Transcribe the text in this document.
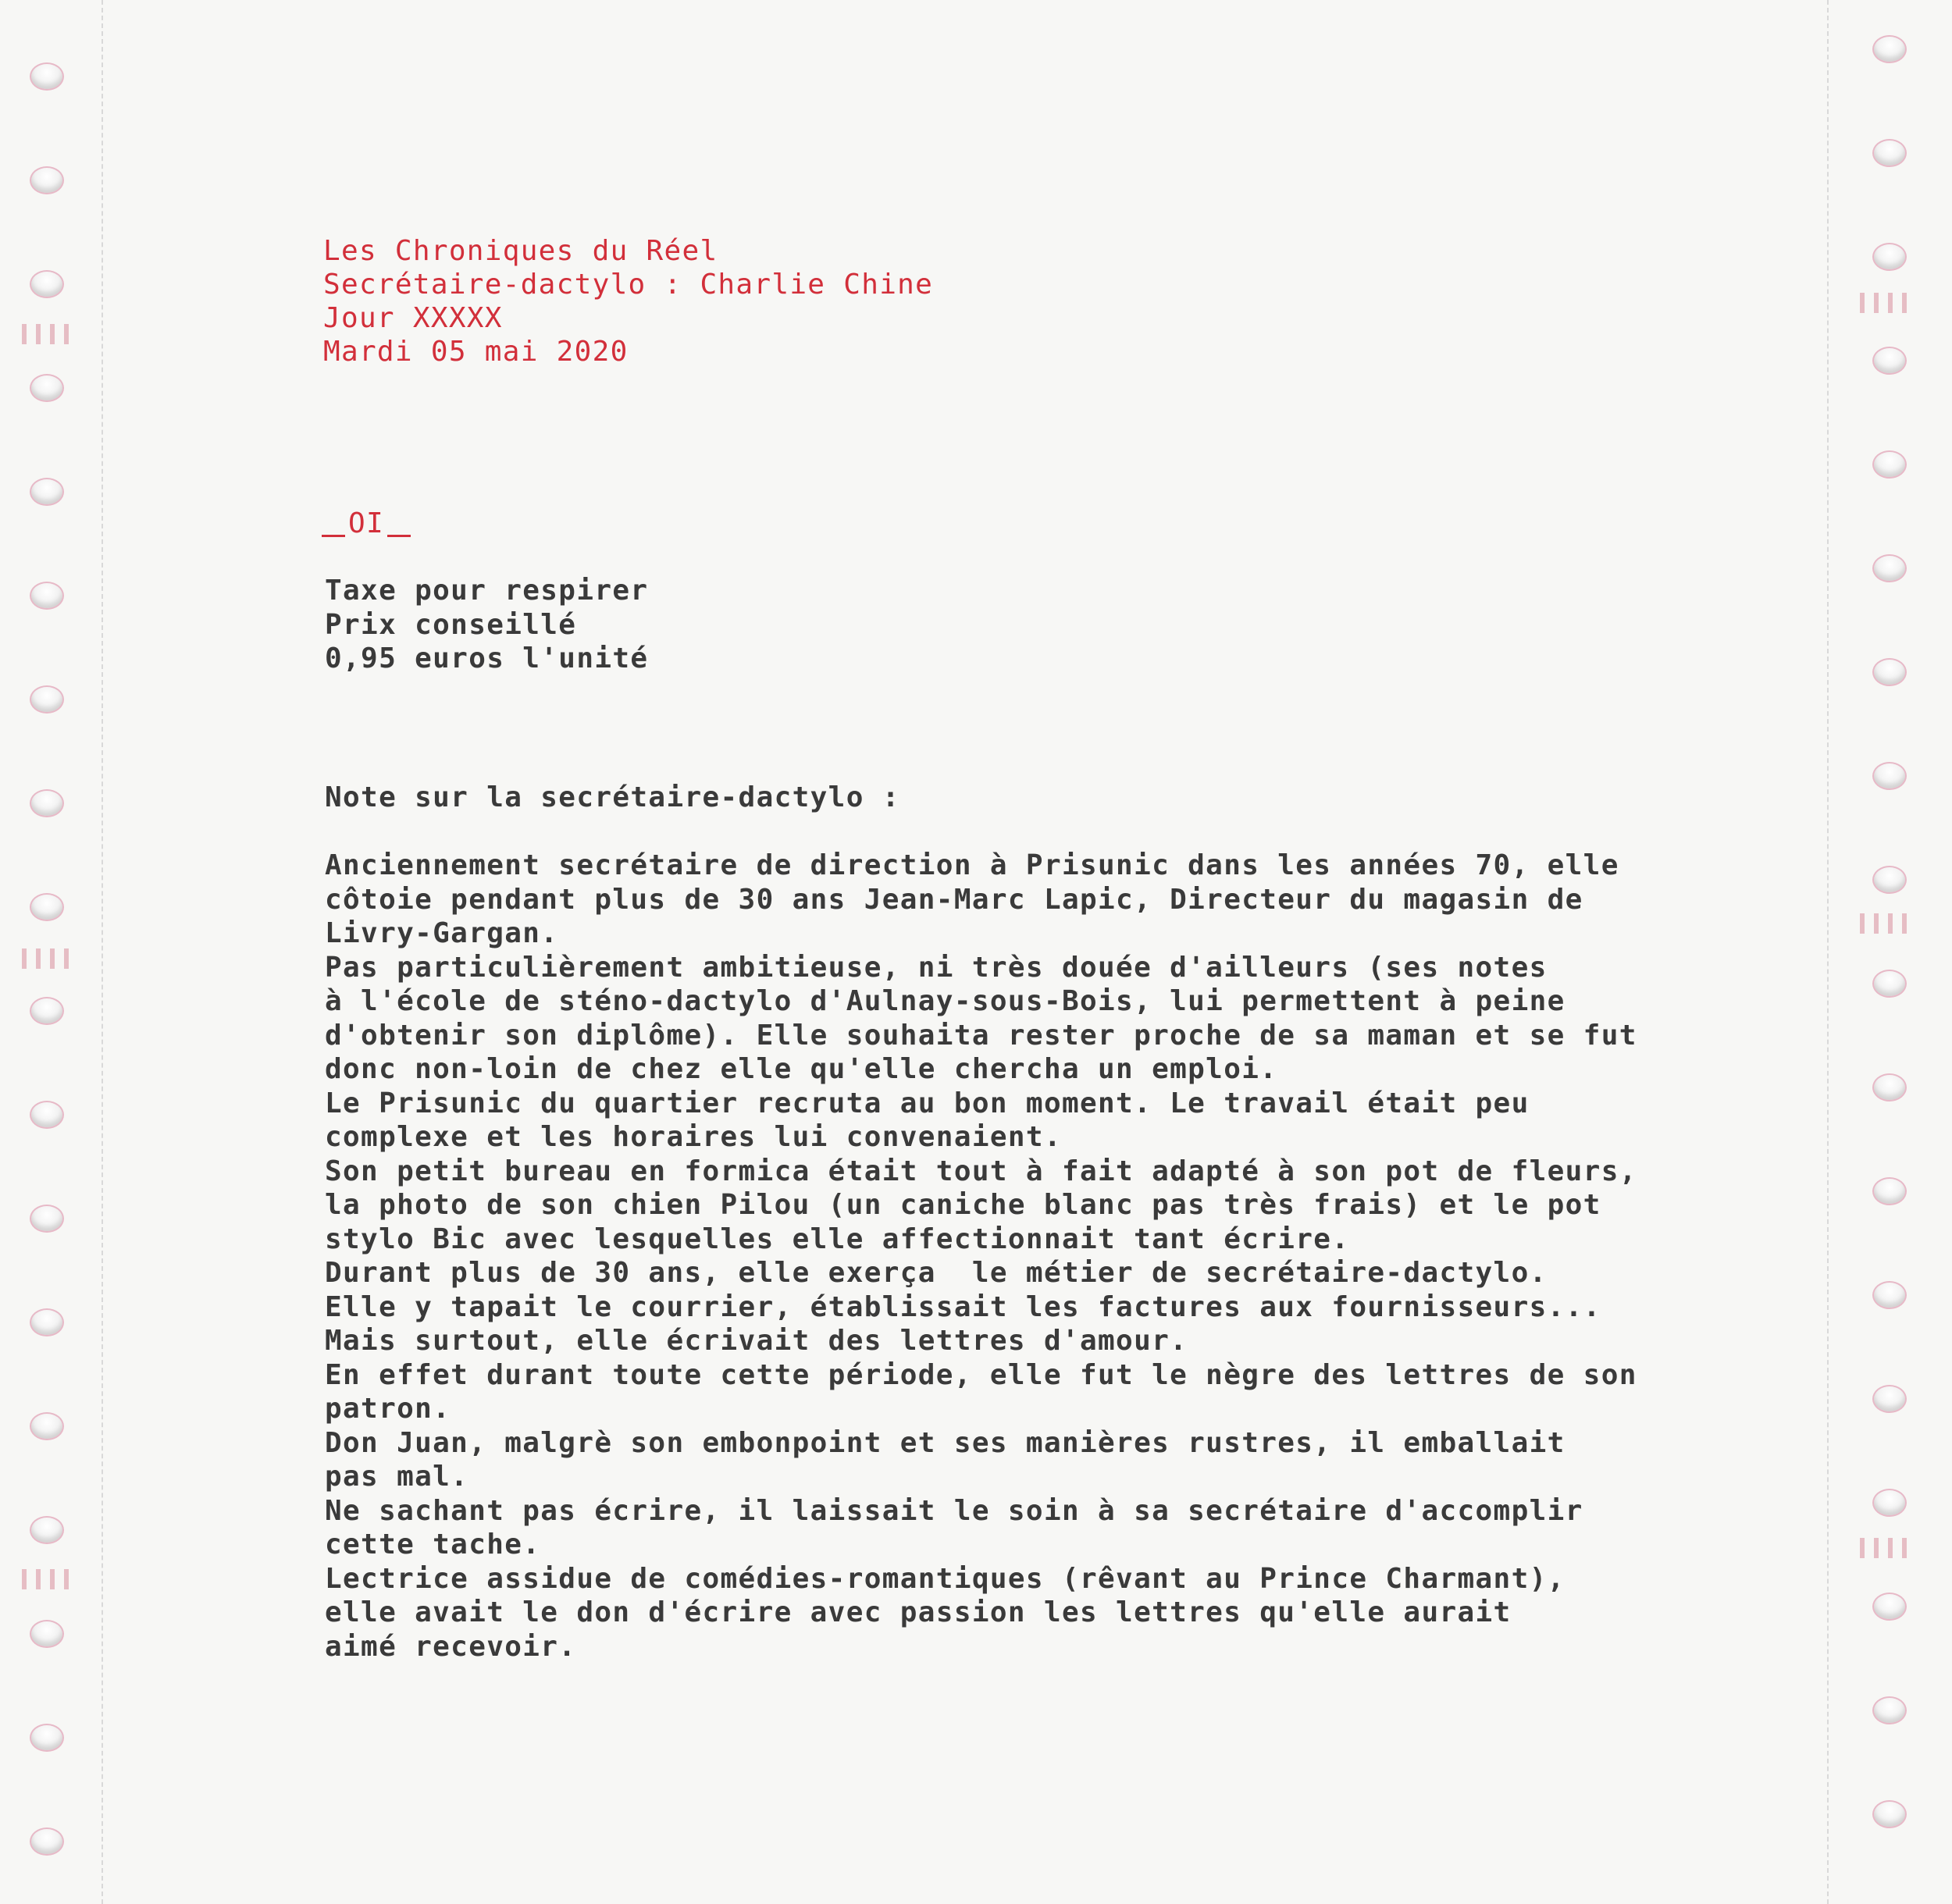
Les Chroniques du Réel
Secrétaire-dactylo : Charlie Chine
Jour XXXXX
Mardi 05 mai 2020
OI
Taxe pour respirer
Prix conseillé
0,95 euros l'unité
Note sur la secrétaire-dactylo :
Anciennement secrétaire de direction à Prisunic dans les années 70, elle
côtoie pendant plus de 30 ans Jean-Marc Lapic, Directeur du magasin de
Livry-Gargan.
Pas particulièrement ambitieuse, ni très douée d'ailleurs (ses notes
à l'école de sténo-dactylo d'Aulnay-sous-Bois, lui permettent à peine
d'obtenir son diplôme). Elle souhaita rester proche de sa maman et se fut
donc non-loin de chez elle qu'elle chercha un emploi.
Le Prisunic du quartier recruta au bon moment. Le travail était peu
complexe et les horaires lui convenaient.
Son petit bureau en formica était tout à fait adapté à son pot de fleurs,
la photo de son chien Pilou (un caniche blanc pas très frais) et le pot
stylo Bic avec lesquelles elle affectionnait tant écrire.
Durant plus de 30 ans, elle exerça  le métier de secrétaire-dactylo.
Elle y tapait le courrier, établissait les factures aux fournisseurs...
Mais surtout, elle écrivait des lettres d'amour.
En effet durant toute cette période, elle fut le nègre des lettres de son
patron.
Don Juan, malgrè son embonpoint et ses manières rustres, il emballait
pas mal.
Ne sachant pas écrire, il laissait le soin à sa secrétaire d'accomplir
cette tache.
Lectrice assidue de comédies-romantiques (rêvant au Prince Charmant),
elle avait le don d'écrire avec passion les lettres qu'elle aurait
aimé recevoir.
